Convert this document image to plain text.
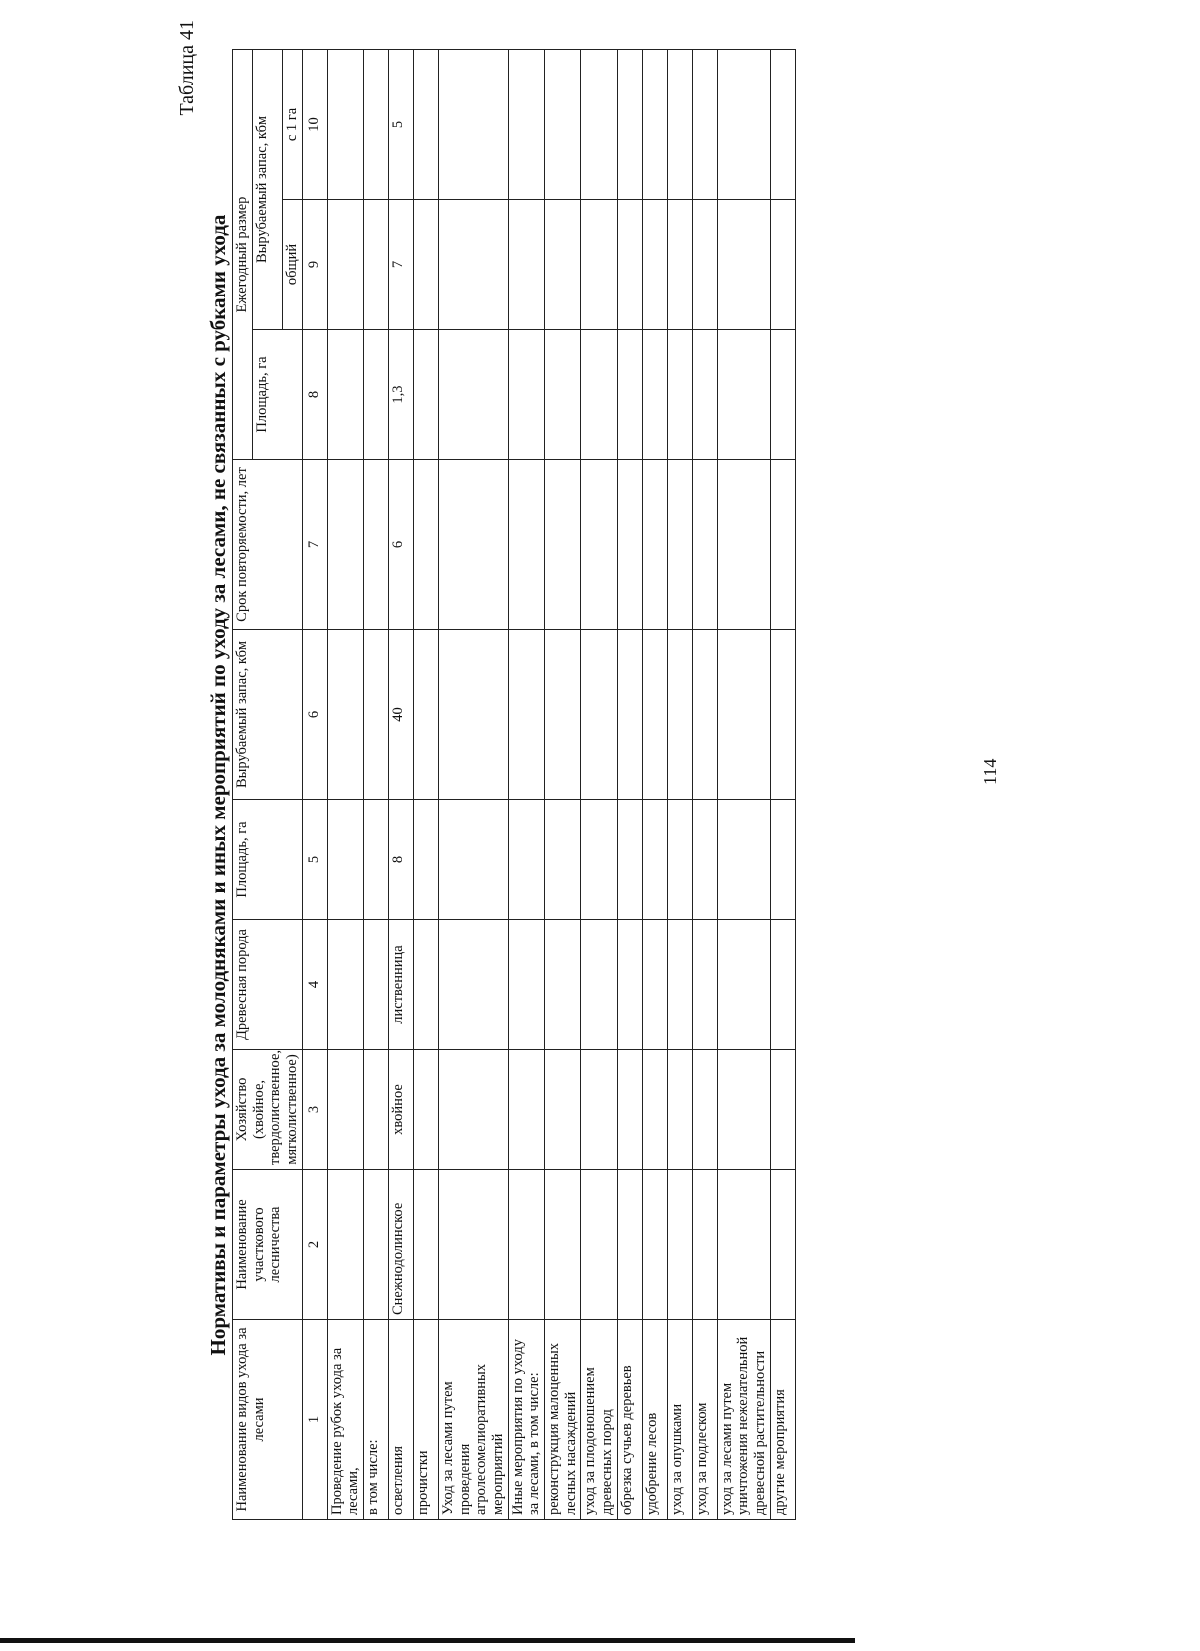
Таблица 41
Нормативы и параметры ухода за молодняками и иных мероприятий по уходу за лесами, не связанных с рубками ухода
Наименование видов ухода за лесами	Наименование участкового лесничества	Хозяйство (хвойное, твердолиственное, мягколиственное)	Древесная порода	Площадь, га	Вырубаемый запас, кбм	Срок повторяемости, лет	Ежегодный размер		
							Площадь, га	Вырубаемый запас, кбм	
								общий	с 1 га
1	2	3	4	5	6	7	8	9	10
Проведение рубок ухода за лесами,									
в том числе:									
осветления	Снежнодолинское	хвойное	лиственница	8	40	6	1,3	7	5
прочистки									
Уход за лесами путем проведения агролесомелиоративных мероприятий									
Иные мероприятия по уходу за лесами, в том числе:									
реконструкция малоценных лесных насаждений									
уход за плодоношением древесных пород									
обрезка сучьев деревьев									
удобрение лесов									
уход за опушками									
уход за подлеском									
уход за лесами путем уничтожения нежелательной древесной растительности									
другие мероприятия									
114
